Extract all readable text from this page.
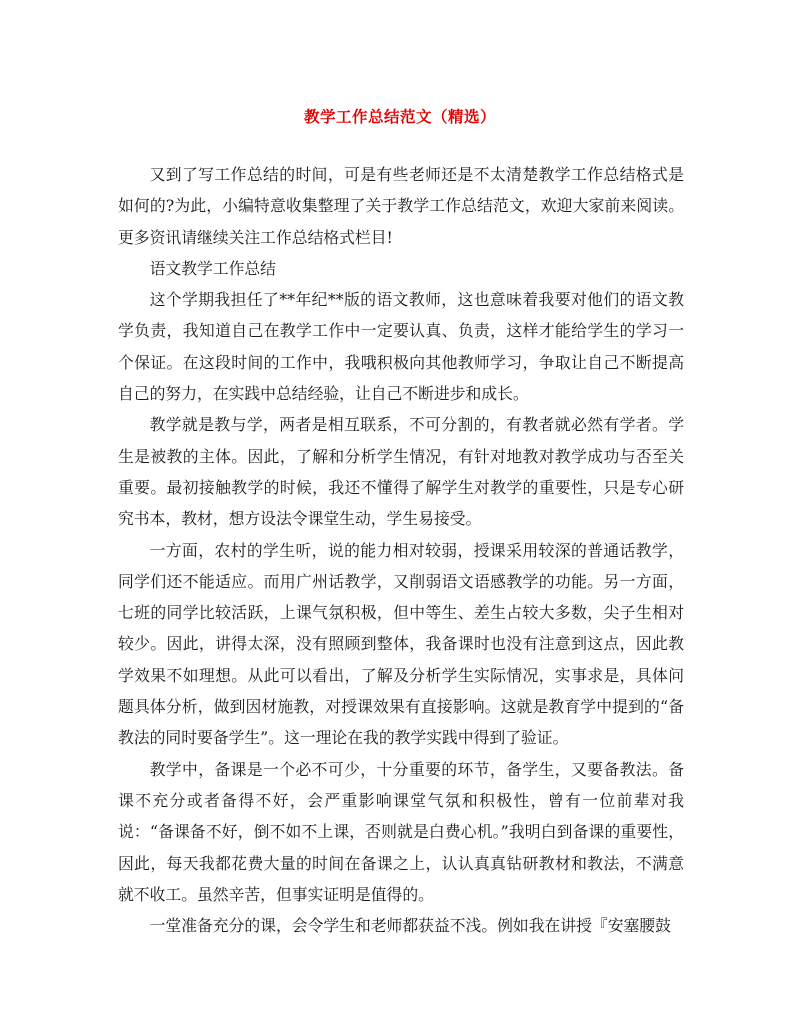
教学工作总结范文（精选）

又到了写工作总结的时间，可是有些老师还是不太清楚教学工作总结格式是如何的?为此，小编特意收集整理了关于教学工作总结范文，欢迎大家前来阅读。更多资讯请继续关注工作总结格式栏目!

语文教学工作总结

这个学期我担任了**年纪**版的语文教师，这也意味着我要对他们的语文教学负责，我知道自己在教学工作中一定要认真、负责，这样才能给学生的学习一个保证。在这段时间的工作中，我哦积极向其他教师学习，争取让自己不断提高自己的努力，在实践中总结经验，让自己不断进步和成长。

教学就是教与学，两者是相互联系，不可分割的，有教者就必然有学者。学生是被教的主体。因此，了解和分析学生情况，有针对地教对教学成功与否至关重要。最初接触教学的时候，我还不懂得了解学生对教学的重要性，只是专心研究书本，教材，想方设法令课堂生动，学生易接受。

一方面，农村的学生听，说的能力相对较弱，授课采用较深的普通话教学，同学们还不能适应。而用广州话教学，又削弱语文语感教学的功能。另一方面，七班的同学比较活跃，上课气氛积极，但中等生、差生占较大多数，尖子生相对较少。因此，讲得太深，没有照顾到整体，我备课时也没有注意到这点，因此教学效果不如理想。从此可以看出，了解及分析学生实际情况，实事求是，具体问题具体分析，做到因材施教，对授课效果有直接影响。这就是教育学中提到的“备教法的同时要备学生”。这一理论在我的教学实践中得到了验证。

教学中，备课是一个必不可少，十分重要的环节，备学生，又要备教法。备课不充分或者备得不好，会严重影响课堂气氛和积极性，曾有一位前辈对我说：“备课备不好，倒不如不上课，否则就是白费心机。”我明白到备课的重要性，因此，每天我都花费大量的时间在备课之上，认认真真钻研教材和教法，不满意就不收工。虽然辛苦，但事实证明是值得的。

一堂准备充分的课，会令学生和老师都获益不浅。例如我在讲授『安塞腰鼓
